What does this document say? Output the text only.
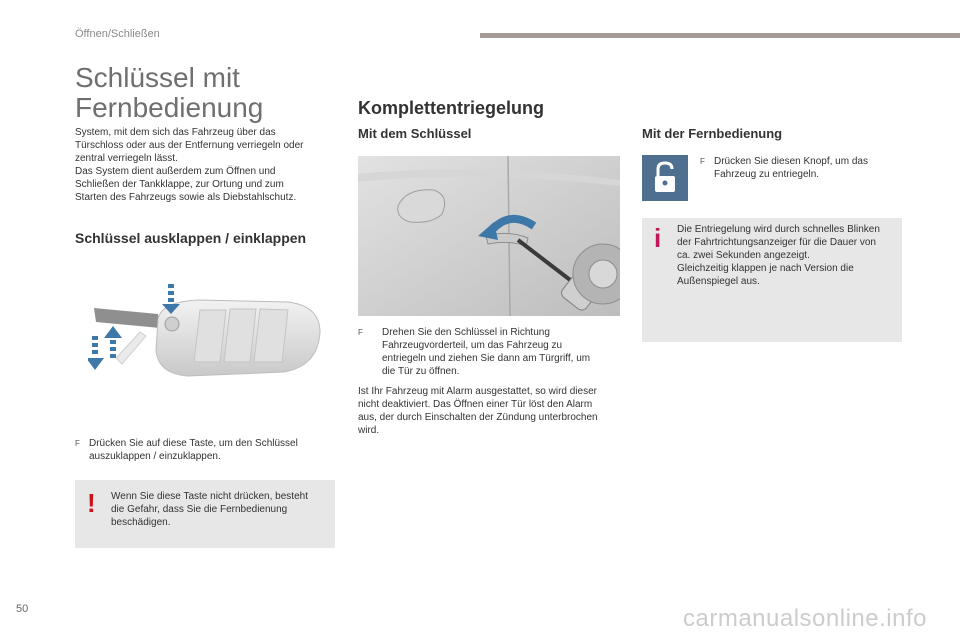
Öffnen/Schließen
Schlüssel mit
Fernbedienung
System, mit dem sich das Fahrzeug über das
Türschloss oder aus der Entfernung verriegeln oder
zentral verriegeln lässt.
Das System dient außerdem zum Öffnen und
Schließen der Tankklappe, zur Ortung und zum
Starten des Fahrzeugs sowie als Diebstahlschutz.
Schlüssel ausklappen / einklappen
F Drücken Sie auf diese Taste, um den Schlüssel
auszuklappen / einzuklappen.
! Wenn Sie diese Taste nicht drücken, besteht
die Gefahr, dass Sie die Fernbedienung
beschädigen.
Komplettentriegelung
Mit dem Schlüssel
F Drehen Sie den Schlüssel in Richtung
Fahrzeugvorderteil, um das Fahrzeug zu
entriegeln und ziehen Sie dann am Türgriff, um
die Tür zu öffnen.
Ist Ihr Fahrzeug mit Alarm ausgestattet, so wird dieser
nicht deaktiviert. Das Öffnen einer Tür löst den Alarm
aus, der durch Einschalten der Zündung unterbrochen
wird.
Mit der Fernbedienung
F Drücken Sie diesen Knopf, um das
Fahrzeug zu entriegeln.
i Die Entriegelung wird durch schnelles Blinken
der Fahrtrichtungsanzeiger für die Dauer von
ca. zwei Sekunden angezeigt.
Gleichzeitig klappen je nach Version die
Außenspiegel aus.
50	carmanualsonline.info
